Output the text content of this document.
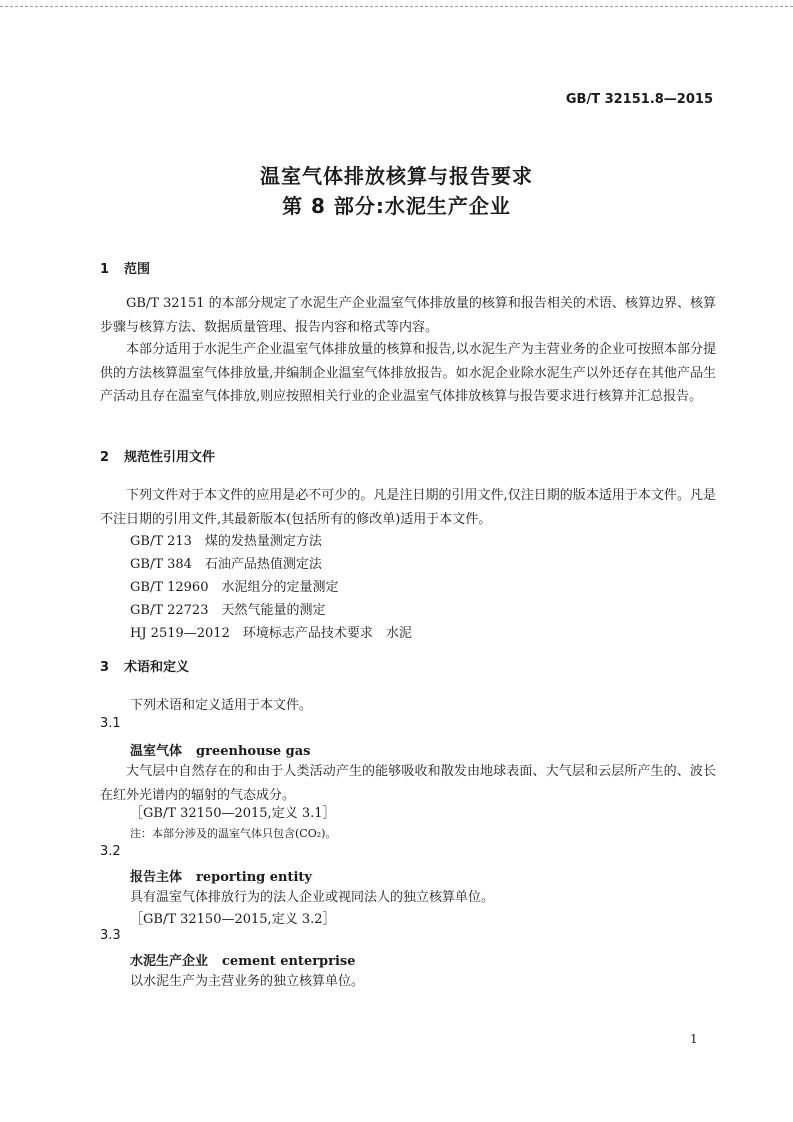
GB/T 32151.8—2015
温室气体排放核算与报告要求
第 8 部分:水泥生产企业
1 范围
GB/T 32151 的本部分规定了水泥生产企业温室气体排放量的核算和报告相关的术语、核算边界、核算步骤与核算方法、数据质量管理、报告内容和格式等内容。
本部分适用于水泥生产企业温室气体排放量的核算和报告,以水泥生产为主营业务的企业可按照本部分提供的方法核算温室气体排放量,并编制企业温室气体排放报告。如水泥企业除水泥生产以外还存在其他产品生产活动且存在温室气体排放,则应按照相关行业的企业温室气体排放核算与报告要求进行核算并汇总报告。
2 规范性引用文件
下列文件对于本文件的应用是必不可少的。凡是注日期的引用文件,仅注日期的版本适用于本文件。凡是不注日期的引用文件,其最新版本(包括所有的修改单)适用于本文件。
GB/T 213　煤的发热量测定方法
GB/T 384　石油产品热值测定法
GB/T 12960　水泥组分的定量测定
GB/T 22723　天然气能量的测定
HJ 2519—2012　环境标志产品技术要求　水泥
3 术语和定义
下列术语和定义适用于本文件。
3.1
温室气体 greenhouse gas
大气层中自然存在的和由于人类活动产生的能够吸收和散发由地球表面、大气层和云层所产生的、波长在红外光谱内的辐射的气态成分。
［GB/T 32150—2015,定义 3.1］
注：本部分涉及的温室气体只包含(CO₂)。
3.2
报告主体 reporting entity
具有温室气体排放行为的法人企业或视同法人的独立核算单位。
［GB/T 32150—2015,定义 3.2］
3.3
水泥生产企业 cement enterprise
以水泥生产为主营业务的独立核算单位。
1
